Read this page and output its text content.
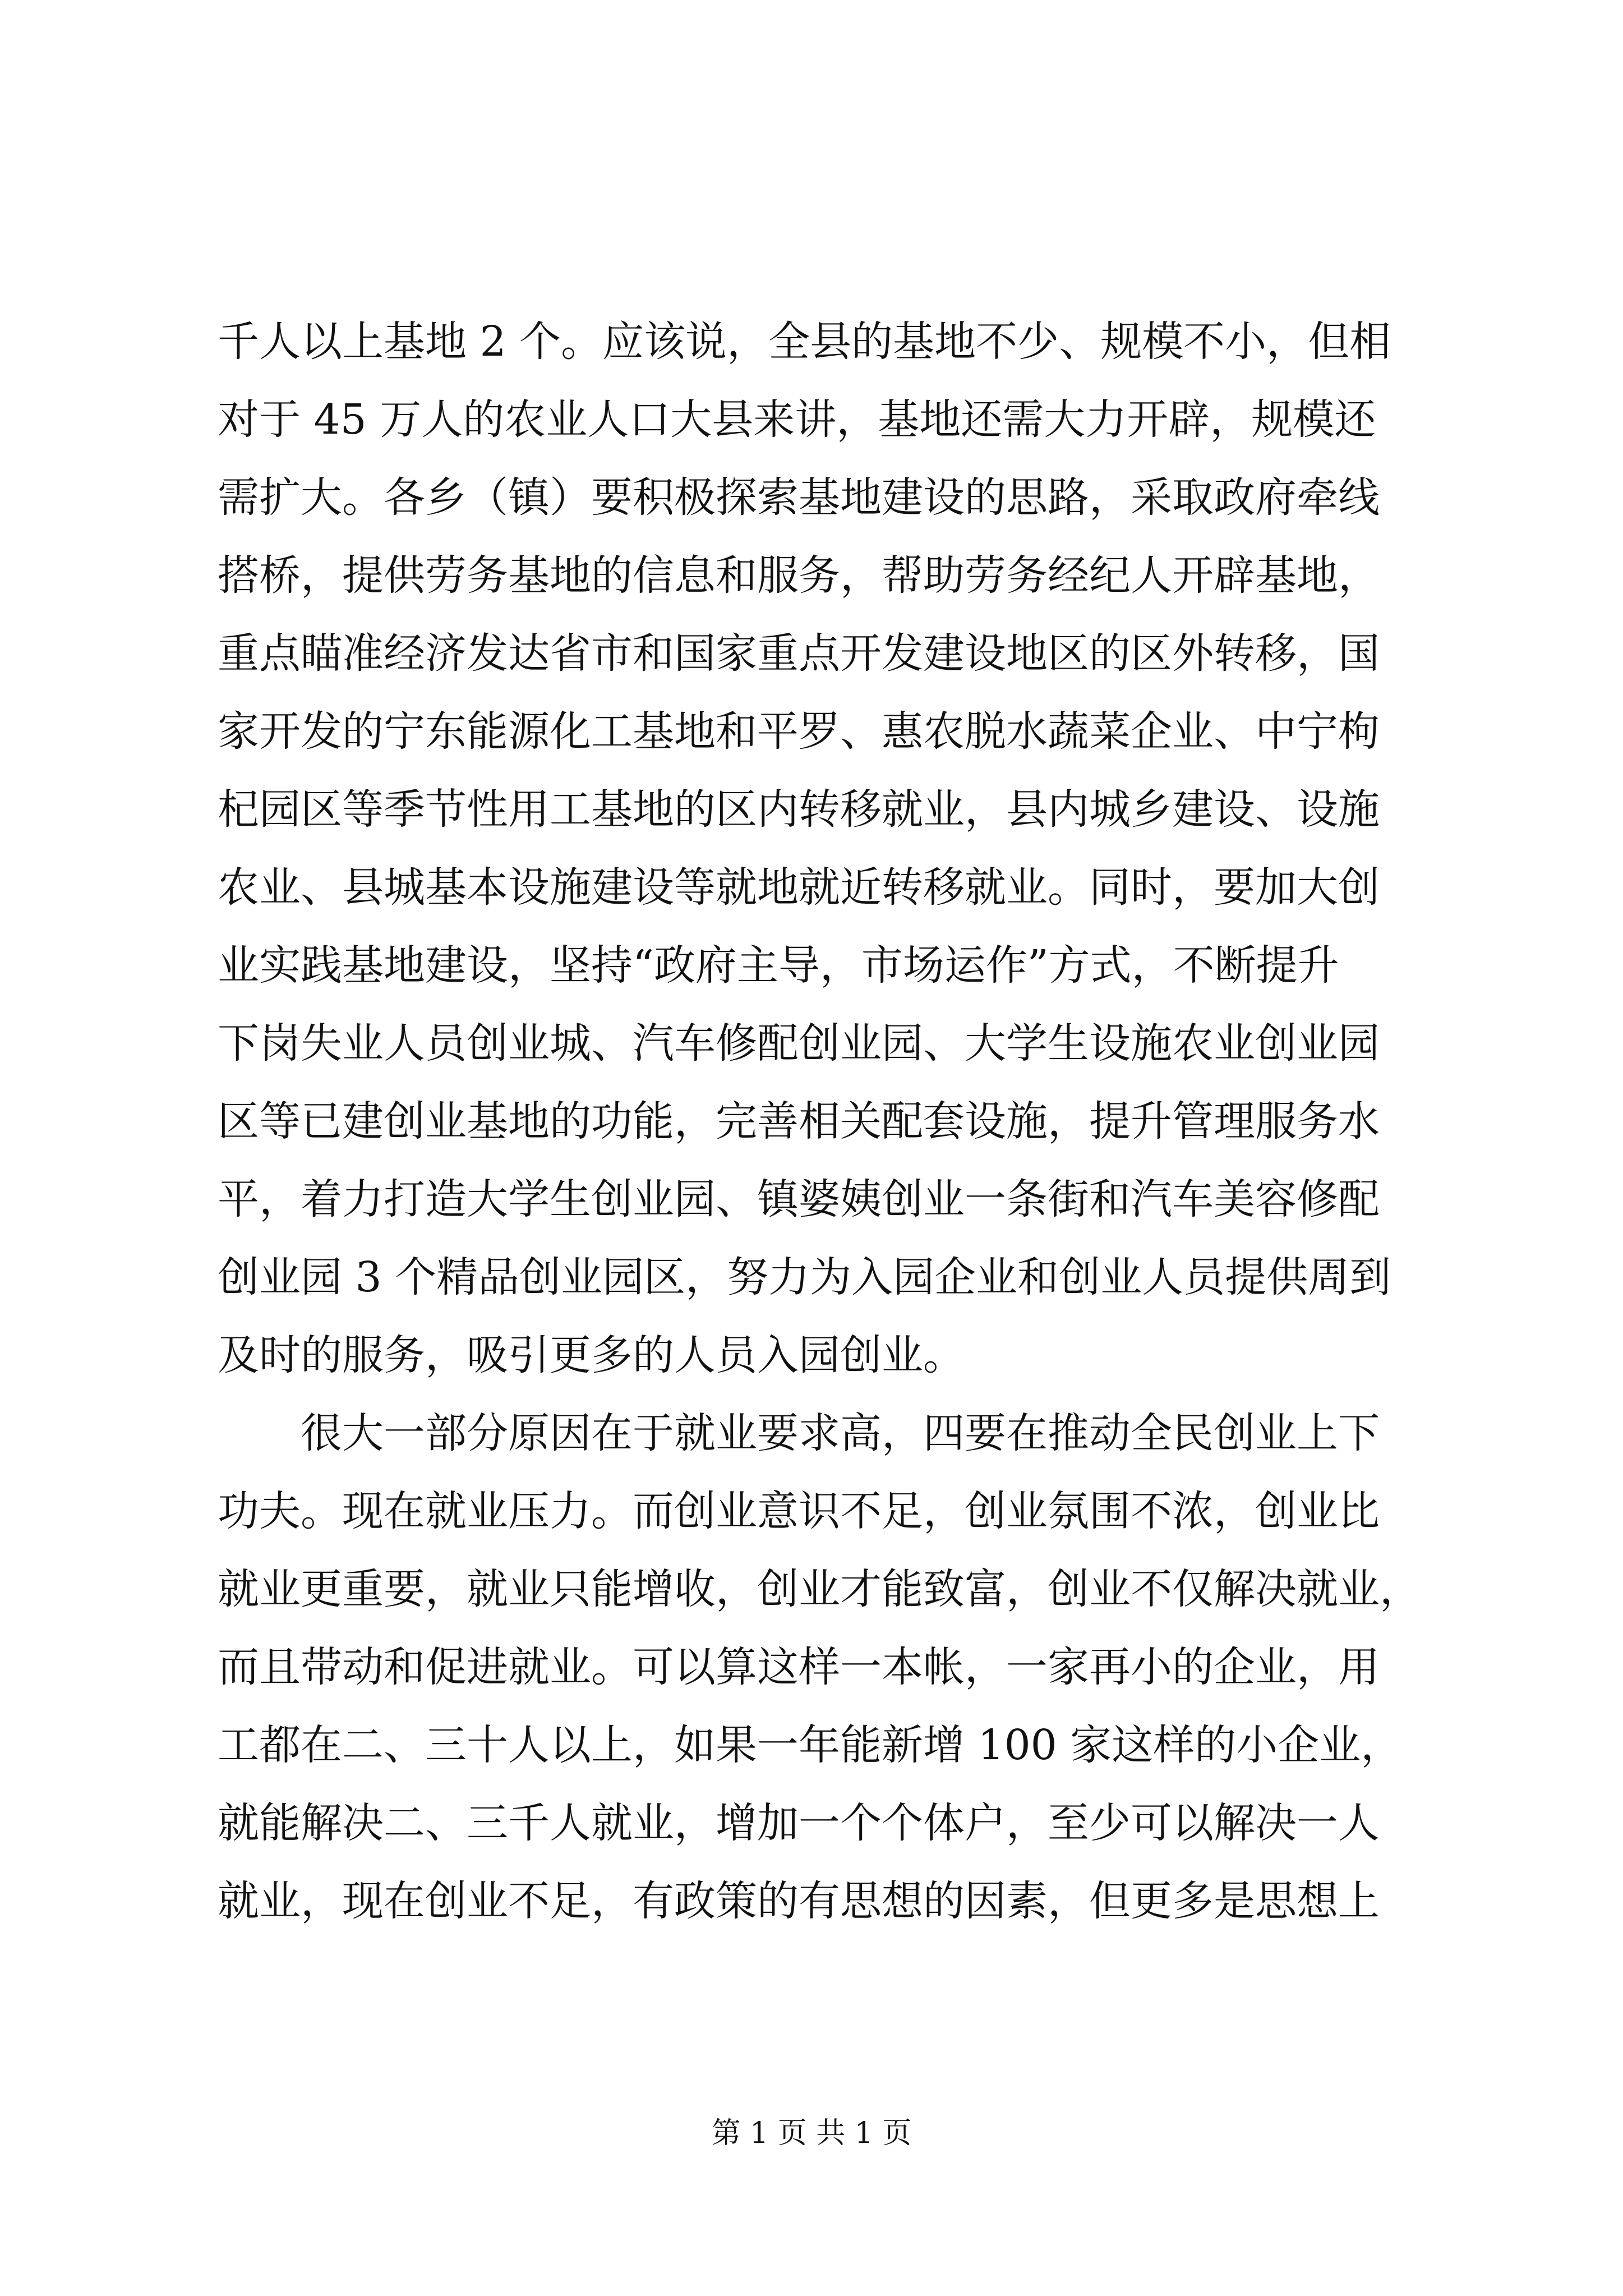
千人以上基地 2 个。应该说，全县的基地不少、规模不小，但相
对于 45 万人的农业人口大县来讲，基地还需大力开辟，规模还
需扩大。各乡（镇）要积极探索基地建设的思路，采取政府牵线
搭桥，提供劳务基地的信息和服务，帮助劳务经纪人开辟基地，
重点瞄准经济发达省市和国家重点开发建设地区的区外转移，国
家开发的宁东能源化工基地和平罗、惠农脱水蔬菜企业、中宁枸
杞园区等季节性用工基地的区内转移就业，县内城乡建设、设施
农业、县城基本设施建设等就地就近转移就业。同时，要加大创
业实践基地建设，坚持“政府主导，市场运作”方式，不断提升
下岗失业人员创业城、汽车修配创业园、大学生设施农业创业园
区等已建创业基地的功能，完善相关配套设施，提升管理服务水
平，着力打造大学生创业园、镇婆姨创业一条街和汽车美容修配
创业园 3 个精品创业园区，努力为入园企业和创业人员提供周到
及时的服务，吸引更多的人员入园创业。
　　很大一部分原因在于就业要求高，四要在推动全民创业上下
功夫。现在就业压力。而创业意识不足，创业氛围不浓，创业比
就业更重要，就业只能增收，创业才能致富，创业不仅解决就业，
而且带动和促进就业。可以算这样一本帐，一家再小的企业，用
工都在二、三十人以上，如果一年能新增 100 家这样的小企业，
就能解决二、三千人就业，增加一个个体户，至少可以解决一人
就业，现在创业不足，有政策的有思想的因素，但更多是思想上
第 1 页 共 1 页
